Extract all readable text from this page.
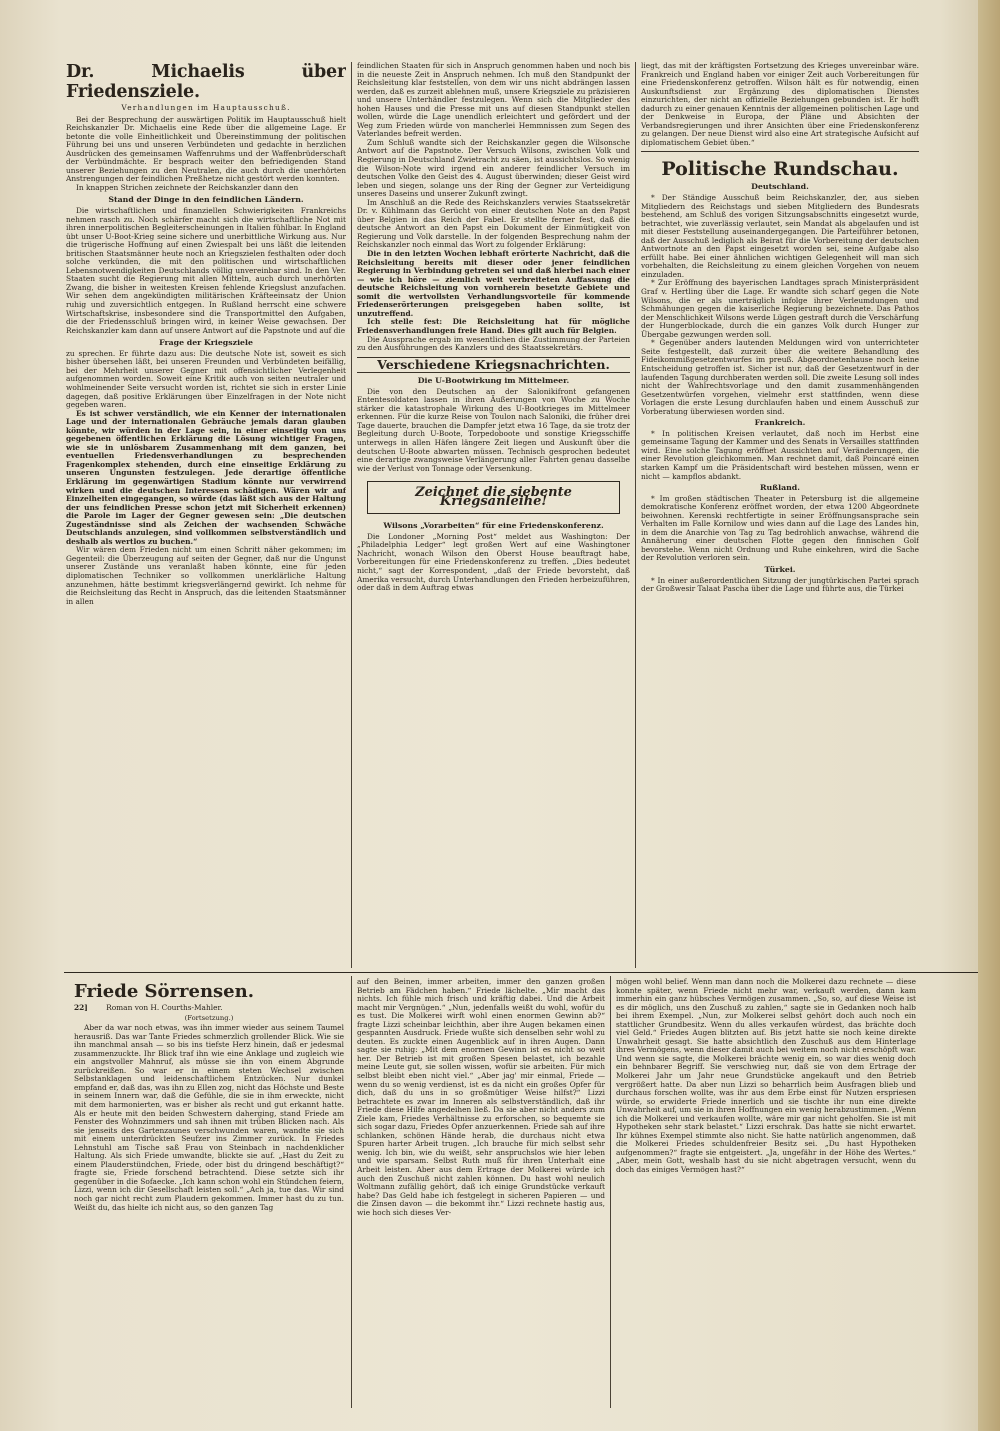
Dr. Michaelis über Friedensziele.
Verhandlungen im Hauptausschuß.

Bei der Besprechung der auswärtigen Politik im Hauptausschuß hielt Reichskanzler Dr. Michaelis eine Rede über die allgemeine Lage. Er betonte die volle Einheitlichkeit und Übereinstimmung der politischen Führung bei uns und unseren Verbündeten und gedachte in herzlichen Ausdrücken des gemeinsamen Waffenruhms und der Waffenbrüderschaft der Verbündmächte. Er besprach weiter den befriedigenden Stand unserer Beziehungen zu den Neutralen, die auch durch die unerhörten Anstrengungen der feindlichen Preßhetze nicht gestört werden konnten.

In knappen Strichen zeichnete der Reichskanzler dann den

Stand der Dinge in den feindlichen Ländern.

Die wirtschaftlichen und finanziellen Schwierigkeiten Frankreichs nehmen rasch zu. Noch schärfer macht sich die wirtschaftliche Not mit ihren innerpolitischen Begleiterscheinungen in Italien fühlbar. In England übt unser U-Boot-Krieg seine sichere und unerbittliche Wirkung aus. Nur die trügerische Hoffnung auf einen Zwiespalt bei uns läßt die leitenden britischen Staatsmänner heute noch an Kriegszielen festhalten oder doch solche verkünden, die mit den politischen und wirtschaftlichen Lebensnotwendigkeiten Deutschlands völlig unvereinbar sind. In den Ver. Staaten sucht die Regierung mit allen Mitteln, auch durch unerhörten Zwang, die bisher in weitesten Kreisen fehlende Kriegslust anzufachen. Wir sehen dem angekündigten militärischen Kräfteeinsatz der Union ruhig und zuversichtlich entgegen. In Rußland herrscht eine schwere Wirtschaftskrise, insbesondere sind die Transportmittel den Aufgaben, die der Friedensschluß bringen wird, in keiner Weise gewachsen. Der Reichskanzler kam dann auf unsere Antwort auf die Papstnote und auf die

Frage der Kriegsziele

zu sprechen. Er führte dazu aus: Die deutsche Note ist, soweit es sich bisher übersehen läßt, bei unseren Freunden und Verbündeten beifällig, bei der Mehrheit unserer Gegner mit offensichtlicher Verlegenheit aufgenommen worden. Soweit eine Kritik auch von seiten neutraler und wohlmeinender Seite versucht worden ist, richtet sie sich in erster Linie dagegen, daß positive Erklärungen über Einzelfragen in der Note nicht gegeben waren.

Es ist schwer verständlich, wie ein Kenner der internationalen Lage und der internationalen Gebräuche jemals daran glauben könnte, wir würden in der Lage sein, in einer einseitig von uns gegebenen öffentlichen Erklärung die Lösung wichtiger Fragen, wie sie in unlösbarem Zusammenhang mit dem ganzen, bei eventuellen Friedensverhandlungen zu besprechenden Fragenkomplex stehenden, durch eine einseitige Erklärung zu unseren Ungunsten festzulegen. Jede derartige öffentliche Erklärung im gegenwärtigen Stadium könnte nur verwirrend wirken und die deutschen Interessen schädigen. Wären wir auf Einzelheiten eingegangen, so würde (das läßt sich aus der Haltung der uns feindlichen Presse schon jetzt mit Sicherheit erkennen) die Parole im Lager der Gegner gewesen sein: „Die deutschen Zugeständnisse sind als Zeichen der wachsenden Schwäche Deutschlands anzulegen, sind vollkommen selbstverständlich und deshalb als wertlos zu buchen.“

Wir wären dem Frieden nicht um einen Schritt näher gekommen; im Gegenteil: die Überzeugung auf seiten der Gegner, daß nur die Ungunst unserer Zustände uns veranlaßt haben könnte, eine für jeden diplomatischen Techniker so vollkommen unerklärliche Haltung anzunehmen, hätte bestimmt kriegsverlängernd gewirkt. Ich nehme für die Reichsleitung das Recht in Anspruch, das die leitenden Staatsmänner in allen

feindlichen Staaten für sich in Anspruch genommen haben und noch bis in die neueste Zeit in Anspruch nehmen. Ich muß den Standpunkt der Reichsleitung klar feststellen, von dem wir uns nicht abdrängen lassen werden, daß es zurzeit ablehnen muß, unsere Kriegsziele zu präzisieren und unsere Unterhändler festzulegen. Wenn sich die Mitglieder des hohen Hauses und die Presse mit uns auf diesen Standpunkt stellen wollen, würde die Lage unendlich erleichtert und gefördert und der Weg zum Frieden würde von mancherlei Hemmnissen zum Segen des Vaterlandes befreit werden.

Zum Schluß wandte sich der Reichskanzler gegen die Wilsonsche Antwort auf die Papstnote. Der Versuch Wilsons, zwischen Volk und Regierung in Deutschland Zwietracht zu säen, ist aussichtslos. So wenig die Wilson-Note wird irgend ein anderer feindlicher Versuch im deutschen Volke den Geist des 4. August überwinden; dieser Geist wird leben und siegen, solange uns der Ring der Gegner zur Verteidigung unseres Daseins und unserer Zukunft zwingt.

Im Anschluß an die Rede des Reichskanzlers verwies Staatssekretär Dr. v. Kühlmann das Gerücht von einer deutschen Note an den Papst über Belgien in das Reich der Fabel. Er stellte ferner fest, daß die deutsche Antwort an den Papst ein Dokument der Einmütigkeit von Regierung und Volk darstelle. In der folgenden Besprechung nahm der Reichskanzler noch einmal das Wort zu folgender Erklärung:

Die in den letzten Wochen lebhaft erörterte Nachricht, daß die Reichsleitung bereits mit dieser oder jener feindlichen Regierung in Verbindung getreten sei und daß hierbei nach einer — wie ich höre — ziemlich weit verbreiteten Auffassung die deutsche Reichsleitung von vornherein besetzte Gebiete und somit die wertvollsten Verhandlungsvorteile für kommende Friedenserörterungen preisgegeben haben sollte, ist unzutreffend.

Ich stelle fest: Die Reichsleitung hat für mögliche Friedensverhandlungen freie Hand. Dies gilt auch für Belgien.

Die Aussprache ergab im wesentlichen die Zustimmung der Parteien zu den Ausführungen des Kanzlers und des Staatssekretärs.

Verschiedene Kriegsnachrichten.
Die U-Bootwirkung im Mittelmeer.

Die von den Deutschen an der Salonikifront gefangenen Ententesoldaten lassen in ihren Äußerungen von Woche zu Woche stärker die katastrophale Wirkung des U-Bootkrieges im Mittelmeer erkennen. Für die kurze Reise von Toulon nach Saloniki, die früher drei Tage dauerte, brauchen die Dampfer jetzt etwa 16 Tage, da sie trotz der Begleitung durch U-Boote, Torpedoboote und sonstige Kriegsschiffe unterwegs in allen Häfen längere Zeit liegen und Auskunft über die deutschen U-Boote abwarten müssen. Technisch gesprochen bedeutet eine derartige zwangsweise Verlängerung aller Fahrten genau dasselbe wie der Verlust von Tonnage oder Versenkung.

Zeichnet die siebente Kriegsanleihe!
Wilsons „Vorarbeiten“ für eine Friedenskonferenz.

Die Londoner „Morning Post“ meldet aus Washington: Der „Philadelphia Ledger“ legt großen Wert auf eine Washingtoner Nachricht, wonach Wilson den Oberst House beauftragt habe, Vorbereitungen für eine Friedenskonferenz zu treffen. „Dies bedeutet nicht,“ sagt der Korrespondent, „daß der Friede bevorsteht, daß Amerika versucht, durch Unterhandlungen den Frieden herbeizuführen, oder daß in dem Auftrag etwas

liegt, das mit der kräftigsten Fortsetzung des Krieges unvereinbar wäre. Frankreich und England haben vor einiger Zeit auch Vorbereitungen für eine Friedenskonferenz getroffen. Wilson hält es für notwendig, einen Auskunftsdienst zur Ergänzung des diplomatischen Dienstes einzurichten, der nicht an offizielle Beziehungen gebunden ist. Er hofft dadurch zu einer genauen Kenntnis der allgemeinen politischen Lage und der Denkweise in Europa, der Pläne und Absichten der Verbandsregierungen und ihrer Ansichten über eine Friedenskonferenz zu gelangen. Der neue Dienst wird also eine Art strategische Aufsicht auf diplomatischem Gebiet üben.“

Politische Rundschau.
Deutschland.

* Der Ständige Ausschuß beim Reichskanzler, der, aus sieben Mitgliedern des Reichstags und sieben Mitgliedern des Bundesrats bestehend, am Schluß des vorigen Sitzungsabschnitts eingesetzt wurde, betrachtet, wie zuverlässig verlautet, sein Mandat als abgelaufen und ist mit dieser Feststellung auseinandergegangen. Die Parteiführer betonen, daß der Ausschuß lediglich als Beirat für die Vorbereitung der deutschen Antwortnote an den Papst eingesetzt worden sei, seine Aufgabe also erfüllt habe. Bei einer ähnlichen wichtigen Gelegenheit will man sich vorbehalten, die Reichsleitung zu einem gleichen Vorgehen von neuem einzuladen.

* Zur Eröffnung des bayerischen Landtages sprach Ministerpräsident Graf v. Hertling über die Lage. Er wandte sich scharf gegen die Note Wilsons, die er als unerträglich infolge ihrer Verleumdungen und Schmähungen gegen die kaiserliche Regierung bezeichnete. Das Pathos der Menschlichkeit Wilsons werde Lügen gestraft durch die Verschärfung der Hungerblockade, durch die ein ganzes Volk durch Hunger zur Übergabe gezwungen werden soll.

* Gegenüber anders lautenden Meldungen wird von unterrichteter Seite festgestellt, daß zurzeit über die weitere Behandlung des Fideikommißgesetzentwurfes im preuß. Abgeordnetenhause noch keine Entscheidung getroffen ist. Sicher ist nur, daß der Gesetzentwurf in der laufenden Tagung durchberaten werden soll. Die zweite Lesung soll indes nicht der Wahlrechtsvorlage und den damit zusammenhängenden Gesetzentwürfen vorgehen, vielmehr erst stattfinden, wenn diese Vorlagen die erste Lesung durchlaufen haben und einem Ausschuß zur Vorberatung überwiesen worden sind.

Frankreich.

* In politischen Kreisen verlautet, daß noch im Herbst eine gemeinsame Tagung der Kammer und des Senats in Versailles stattfinden wird. Eine solche Tagung eröffnet Aussichten auf Veränderungen, die einer Revolution gleichkommen. Man rechnet damit, daß Poincaré einen starken Kampf um die Präsidentschaft wird bestehen müssen, wenn er nicht — kampflos abdankt.

Rußland.

* Im großen städtischen Theater in Petersburg ist die allgemeine demokratische Konferenz eröffnet worden, der etwa 1200 Abgeordnete beiwohnen. Kerenski rechtfertigte in seiner Eröffnungsansprache sein Verhalten im Falle Kornilow und wies dann auf die Lage des Landes hin, in dem die Anarchie von Tag zu Tag bedrohlich anwachse, während die Annäherung einer deutschen Flotte gegen den finnischen Golf bevorstehe. Wenn nicht Ordnung und Ruhe einkehren, wird die Sache der Revolution verloren sein.

Türkei.

* In einer außerordentlichen Sitzung der jungtürkischen Partei sprach der Großwesir Talaat Pascha über die Lage und führte aus, die Türkei

Friede Sörrensen.
22] Roman von H. Courths-Mahler.
(Fortsetzung.)

Aber da war noch etwas, was ihn immer wieder aus seinem Taumel herausriß. Das war Tante Friedes schmerzlich grollender Blick. Wie sie ihn manchmal ansah — so bis ins tiefste Herz hinein, daß er jedesmal zusammenzuckte. Ihr Blick traf ihn wie eine Anklage und zugleich wie ein angstvoller Mahnruf, als müsse sie ihn von einem Abgrunde zurückreißen. So war er in einem steten Wechsel zwischen Selbstanklagen und leidenschaftlichem Entzücken. Nur dunkel empfand er, daß das, was ihn zu Ellen zog, nicht das Höchste und Beste in seinem Innern war, daß die Gefühle, die sie in ihm erweckte, nicht mit dem harmonierten, was er bisher als recht und gut erkannt hatte. Als er heute mit den beiden Schwestern daherging, stand Friede am Fenster des Wohnzimmers und sah ihnen mit trüben Blicken nach. Als sie jenseits des Gartenzaunes verschwunden waren, wandte sie sich mit einem unterdrückten Seufzer ins Zimmer zurück. In Friedes Lehnstuhl am Tische saß Frau von Steinbach in nachdenklicher Haltung. Als sich Friede umwandte, blickte sie auf. „Hast du Zeit zu einem Plauderstündchen, Friede, oder bist du dringend beschäftigt?“ fragte sie, Friede forschend betrachtend. Diese setzte sich ihr gegenüber in die Sofaecke. „Ich kann schon wohl ein Stündchen feiern, Lizzi, wenn ich dir Gesellschaft leisten soll.“ „Ach ja, tue das. Wir sind noch gar nicht recht zum Plaudern gekommen. Immer hast du zu tun. Weißt du, das hielte ich nicht aus, so den ganzen Tag

auf den Beinen, immer arbeiten, immer den ganzen großen Betrieb am Fädchen haben.“ Friede lächelte. „Mir macht das nichts. Ich fühle mich frisch und kräftig dabei. Und die Arbeit macht mir Vergnügen.“ „Nun, jedenfalls weißt du wohl, wofür du es tust. Die Molkerei wirft wohl einen enormen Gewinn ab?“ fragte Lizzi scheinbar leichthin, aber ihre Augen bekamen einen gespannten Ausdruck. Friede wußte sich denselben sehr wohl zu deuten. Es zuckte einen Augenblick auf in ihren Augen. Dann sagte sie ruhig: „Mit dem enormen Gewinn ist es nicht so weit her. Der Betrieb ist mit großen Spesen belastet, ich bezahle meine Leute gut, sie sollen wissen, wofür sie arbeiten. Für mich selbst bleibt eben nicht viel.“ „Aber jag' mir einmal, Friede — wenn du so wenig verdienst, ist es da nicht ein großes Opfer für dich, daß du uns in so großmütiger Weise hilfst?“ Lizzi betrachtete es zwar im Inneren als selbstverständlich, daß ihr Friede diese Hilfe angedeihen ließ. Da sie aber nicht anders zum Ziele kam, Friedes Verhältnisse zu erforschen, so bequemte sie sich sogar dazu, Friedes Opfer anzuerkennen. Friede sah auf ihre schlanken, schönen Hände herab, die durchaus nicht etwa Spuren harter Arbeit trugen. „Ich brauche für mich selbst sehr wenig. Ich bin, wie du weißt, sehr anspruchslos wie hier leben und wie sparsam. Selbst Ruth muß für ihren Unterhalt eine Arbeit leisten. Aber aus dem Ertrage der Molkerei würde ich auch den Zuschuß nicht zahlen können. Du hast wohl neulich Woltmann zufällig gehört, daß ich einige Grundstücke verkauft habe? Das Geld habe ich festgelegt in sicheren Papieren — und die Zinsen davon — die bekommt ihr.“ Lizzi rechnete hastig aus, wie hoch sich dieses Ver-

mögen wohl belief. Wenn man dann noch die Molkerei dazu rechnete — diese konnte später, wenn Friede nicht mehr war, verkauft werden, dann kam immerhin ein ganz hübsches Vermögen zusammen. „So, so, auf diese Weise ist es dir möglich, uns den Zuschuß zu zahlen,“ sagte sie in Gedanken noch halb bei ihrem Exempel. „Nun, zur Molkerei selbst gehört doch auch noch ein stattlicher Grundbesitz. Wenn du alles verkaufen würdest, das brächte doch viel Geld.“ Friedes Augen blitzten auf. Bis jetzt hatte sie noch keine direkte Unwahrheit gesagt. Sie hatte absichtlich den Zuschuß aus dem Hinterlage ihres Vermögens, wenn dieser damit auch bei weitem noch nicht erschöpft war. Und wenn sie sagte, die Molkerei brächte wenig ein, so war dies wenig doch ein behnbarer Begriff. Sie verschwieg nur, daß sie von dem Ertrage der Molkerei Jahr um Jahr neue Grundstücke angekauft und den Betrieb vergrößert hatte. Da aber nun Lizzi so beharrlich beim Ausfragen blieb und durchaus forschen wollte, was ihr aus dem Erbe einst für Nutzen erspriesen würde, so erwiderte Friede innerlich und sie tischte ihr nun eine direkte Unwahrheit auf, um sie in ihren Hoffnungen ein wenig herabzustimmen. „Wenn ich die Molkerei und verkaufen wollte, wäre mir gar nicht geholfen. Sie ist mit Hypotheken sehr stark belastet.“ Lizzi erschrak. Das hatte sie nicht erwartet. Ihr kühnes Exempel stimmte also nicht. Sie hatte natürlich angenommen, daß die Molkerei Friedes schuldenfreier Besitz sei. „Du hast Hypotheken aufgenommen?“ fragte sie entgeistert. „Ja, ungefähr in der Höhe des Wertes.“ „Aber, mein Gott, weshalb hast du sie nicht abgetragen versucht, wenn du doch das einiges Vermögen hast?“
